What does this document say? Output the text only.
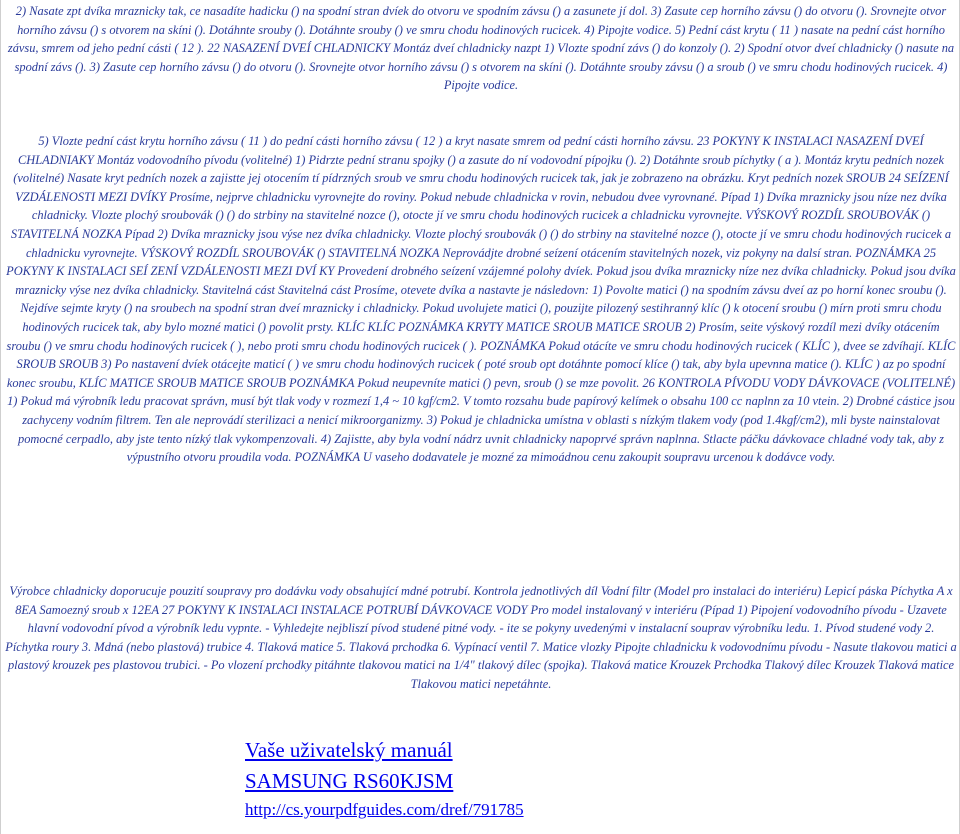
2) Nasate zpt dvíka mraznicky tak, ce nasadíte hadicku () na spodní stran dvíek do otvoru ve spodním závsu () a zasunete jí dol. 3) Zasute cep horního závsu () do otvoru (). Srovnejte otvor horního závsu () s otvorem na skíni (). Dotáhnte srouby (). Dotáhnte srouby () ve smru chodu hodinových rucicek. 4) Pipojte vodice. 5) Pední cást krytu ( 11 ) nasate na pední cást horního závsu, smrem od jeho pední cásti ( 12 ). 22 NASAZENÍ DVEÍ CHLADNICKY Montáz dveí chladnicky nazpt 1) Vlozte spodní závs () do konzoly (). 2) Spodní otvor dveí chladnicky () nasute na spodní závs (). 3) Zasute cep horního závsu () do otvoru (). Srovnejte otvor horního závsu () s otvorem na skíni (). Dotáhnte srouby závsu () a sroub () ve smru chodu hodinových rucicek. 4) Pipojte vodice.
5) Vlozte pední cást krytu horního závsu ( 11 ) do pední cásti horního závsu ( 12 ) a kryt nasate smrem od pední cásti horního závsu. 23 POKYNY K INSTALACI NASAZENÍ DVEÍ CHLADNIAKY Montáz vodovodního pívodu (volitelné) 1) Pidrzte pední stranu spojky () a zasute do ní vodovodní pípojku (). 2) Dotáhnte sroub píchytky ( a ). Montáz krytu pedních nozek (volitelné) Nasate kryt pedních nozek a zajistte jej otocením tí pídrzných sroub ve smru chodu hodinových rucicek tak, jak je zobrazeno na obrázku. Kryt pedních nozek SROUB 24 SEÍZENÍ VZDÁLENOSTI MEZI DVÍKY Prosíme, nejprve chladnicku vyrovnejte do roviny. Pokud nebude chladnicka v rovin, nebudou dvee vyrovnané. Pípad 1) Dvíka mraznicky jsou níze nez dvíka chladnicky. Vlozte plochý sroubovák () () do strbiny na stavitelné nozce (), otocte jí ve smru chodu hodinových rucicek a chladnicku vyrovnejte. VÝSKOVÝ ROZDÍL SROUBOVÁK () STAVITELNÁ NOZKA Pípad 2) Dvíka mraznicky jsou výse nez dvíka chladnicky. Vlozte plochý sroubovák () () do strbiny na stavitelné nozce (), otocte jí ve smru chodu hodinových rucicek a chladnicku vyrovnejte. VÝSKOVÝ ROZDÍL SROUBOVÁK () STAVITELNÁ NOZKA Neprovádjte drobné seízení otácením stavitelných nozek, viz pokyny na dalsí stran. POZNÁMKA 25 POKYNY K INSTALACI SEÍ ZENÍ VZDÁLENOSTI MEZI DVÍ KY Provedení drobného seízení vzájemné polohy dvíek. Pokud jsou dvíka mraznicky níze nez dvíka chladnicky. Pokud jsou dvíka mraznicky výse nez dvíka chladnicky. Stavitelná cást Stavitelná cást Prosíme, otevete dvíka a nastavte je následovn: 1) Povolte matici () na spodním závsu dveí az po horní konec sroubu (). Nejdíve sejmte kryty () na sroubech na spodní stran dveí mraznicky i chladnicky. Pokud uvolujete matici (), pouzijte pilozený sestihranný klíc () k otocení sroubu () mírn proti smru chodu hodinových rucicek tak, aby bylo mozné matici () povolit prsty. KLÍC KLÍC POZNÁMKA KRYTY MATICE SROUB MATICE SROUB 2) Prosím, seite výskový rozdíl mezi dvíky otácením sroubu () ve smru chodu hodinových rucicek ( ), nebo proti smru chodu hodinových rucicek ( ). POZNÁMKA Pokud otácíte ve smru chodu hodinových rucicek ( KLÍC ), dvee se zdvíhají. KLÍC SROUB SROUB 3) Po nastavení dvíek otácejte maticí ( ) ve smru chodu hodinových rucicek ( poté sroub opt dotáhnte pomocí klíce () tak, aby byla upevnna matice (). KLÍC ) az po spodní konec sroubu, KLÍC MATICE SROUB MATICE SROUB POZNÁMKA Pokud neupevníte matici () pevn, sroub () se mze povolit. 26 KONTROLA PÍVODU VODY DÁVKOVACE (VOLITELNÉ) 1) Pokud má výrobník ledu pracovat správn, musí být tlak vody v rozmezí 1,4 ~ 10 kgf/cm2. V tomto rozsahu bude papírový kelímek o obsahu 100 cc naplnn za 10 vtein. 2) Drobné cástice jsou zachyceny vodním filtrem. Ten ale neprovádí sterilizaci a nenicí mikroorganizmy. 3) Pokud je chladnicka umístna v oblasti s nízkým tlakem vody (pod 1.4kgf/cm2), mli byste nainstalovat pomocné cerpadlo, aby jste tento nízký tlak vykompenzovali. 4) Zajistte, aby byla vodní nádrz uvnit chladnicky napoprvé správn naplnna. Stlacte páčku dávkovace chladné vody tak, aby z výpustního otvoru proudila voda. POZNÁMKA U vaseho dodavatele je mozné za mimoádnou cenu zakoupit soupravu urcenou k dodávce vody.
Výrobce chladnicky doporucuje pouzití soupravy pro dodávku vody obsahující mdné potrubí. Kontrola jednotlivých díl Vodní filtr (Model pro instalaci do interiéru) Lepicí páska Píchytka A x 8EA Samoezný sroub x 12EA 27 POKYNY K INSTALACI INSTALACE POTRUBÍ DÁVKOVACE VODY Pro model instalovaný v interiéru (Pípad 1) Pipojení vodovodního pívodu - Uzavete hlavní vodovodní pívod a výrobník ledu vypnte. - Vyhledejte nejbliszí pívod studené pitné vody. - ite se pokyny uvedenými v instalacní souprav výrobníku ledu. 1. Pívod studené vody 2. Píchytka roury 3. Mdná (nebo plastová) trubice 4. Tlaková matice 5. Tlaková prchodka 6. Vypínací ventil 7. Matice vlozky Pipojte chladnicku k vodovodnímu pívodu - Nasute tlakovou matici a plastový krouzek pes plastovou trubici. - Po vlození prchodky pitáhnte tlakovou matici na 1/4" tlakový dílec (spojka). Tlaková matice Krouzek Prchodka Tlakový dílec Krouzek Tlaková matice Tlakovou matici nepetáhnte.
Vaše uživatelský manuál
SAMSUNG RS60KJSM
http://cs.yourpdfguides.com/dref/791785
